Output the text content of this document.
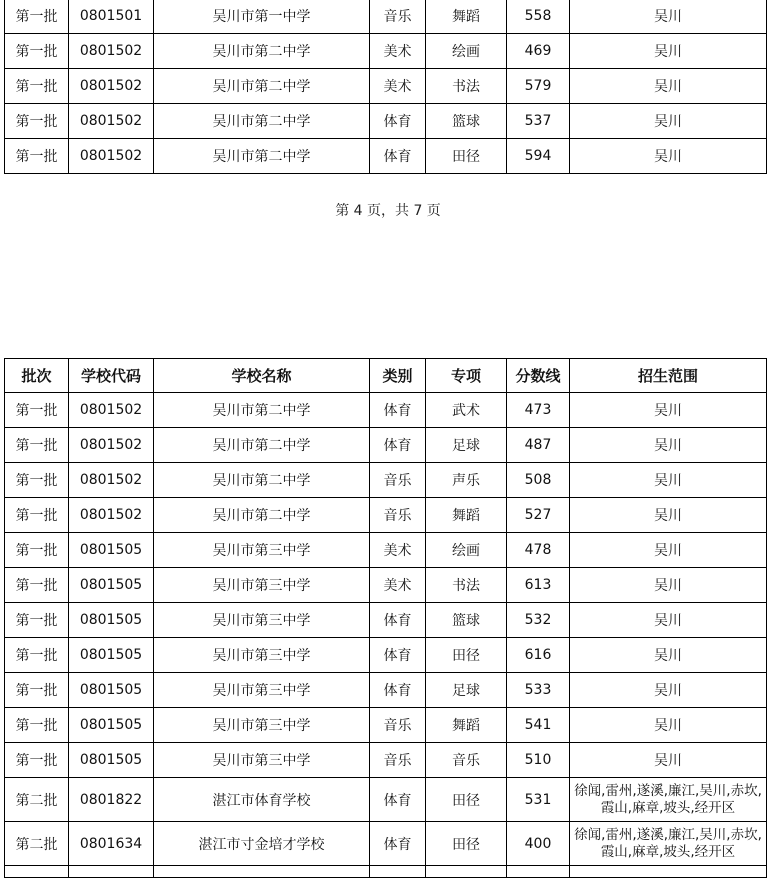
第一批	0801501	吴川市第一中学	音乐	舞蹈	558	吴川
第一批	0801502	吴川市第二中学	美术	绘画	469	吴川
第一批	0801502	吴川市第二中学	美术	书法	579	吴川
第一批	0801502	吴川市第二中学	体育	篮球	537	吴川
第一批	0801502	吴川市第二中学	体育	田径	594	吴川
第 4 页，共 7 页
批次	学校代码	学校名称	类别	专项	分数线	招生范围
第一批	0801502	吴川市第二中学	体育	武术	473	吴川
第一批	0801502	吴川市第二中学	体育	足球	487	吴川
第一批	0801502	吴川市第二中学	音乐	声乐	508	吴川
第一批	0801502	吴川市第二中学	音乐	舞蹈	527	吴川
第一批	0801505	吴川市第三中学	美术	绘画	478	吴川
第一批	0801505	吴川市第三中学	美术	书法	613	吴川
第一批	0801505	吴川市第三中学	体育	篮球	532	吴川
第一批	0801505	吴川市第三中学	体育	田径	616	吴川
第一批	0801505	吴川市第三中学	体育	足球	533	吴川
第一批	0801505	吴川市第三中学	音乐	舞蹈	541	吴川
第一批	0801505	吴川市第三中学	音乐	音乐	510	吴川
第二批	0801822	湛江市体育学校	体育	田径	531	徐闻,雷州,遂溪,廉江,吴川,赤坎,霞山,麻章,坡头,经开区
第二批	0801634	湛江市寸金培才学校	体育	田径	400	徐闻,雷州,遂溪,廉江,吴川,赤坎,霞山,麻章,坡头,经开区
